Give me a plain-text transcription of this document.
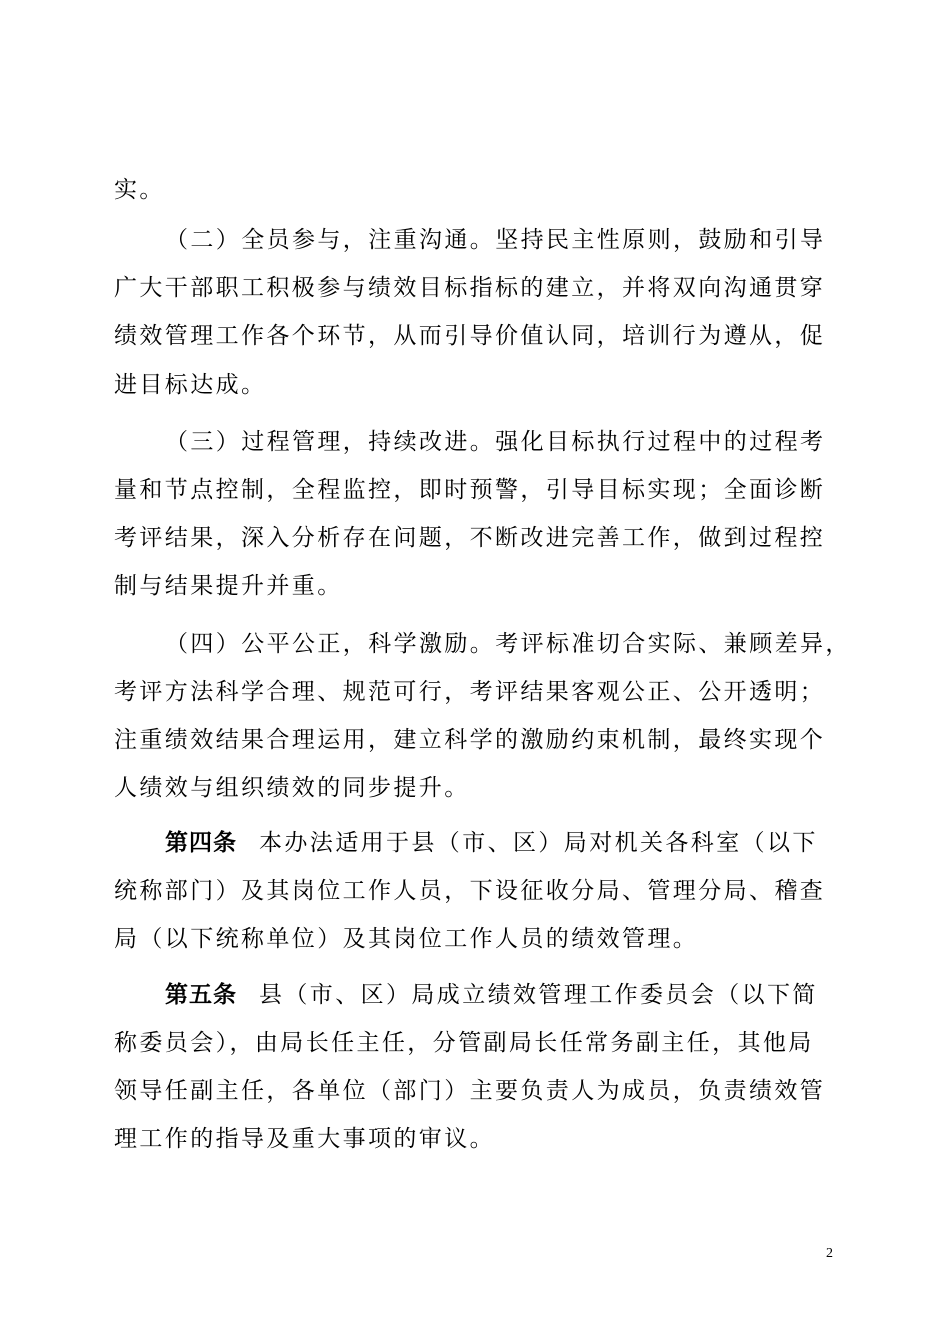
实。
（二）全员参与，注重沟通。坚持民主性原则，鼓励和引导
广大干部职工积极参与绩效目标指标的建立，并将双向沟通贯穿
绩效管理工作各个环节，从而引导价值认同，培训行为遵从，促
进目标达成。
（三）过程管理，持续改进。强化目标执行过程中的过程考
量和节点控制，全程监控，即时预警，引导目标实现；全面诊断
考评结果，深入分析存在问题，不断改进完善工作，做到过程控
制与结果提升并重。
（四）公平公正，科学激励。考评标准切合实际、兼顾差异，
考评方法科学合理、规范可行，考评结果客观公正、公开透明；
注重绩效结果合理运用，建立科学的激励约束机制，最终实现个
人绩效与组织绩效的同步提升。
第四条 本办法适用于县（市、区）局对机关各科室（以下
统称部门）及其岗位工作人员，下设征收分局、管理分局、稽查
局（以下统称单位）及其岗位工作人员的绩效管理。
第五条 县（市、区）局成立绩效管理工作委员会（以下简
称委员会），由局长任主任，分管副局长任常务副主任，其他局
领导任副主任，各单位（部门）主要负责人为成员，负责绩效管
理工作的指导及重大事项的审议。
2
